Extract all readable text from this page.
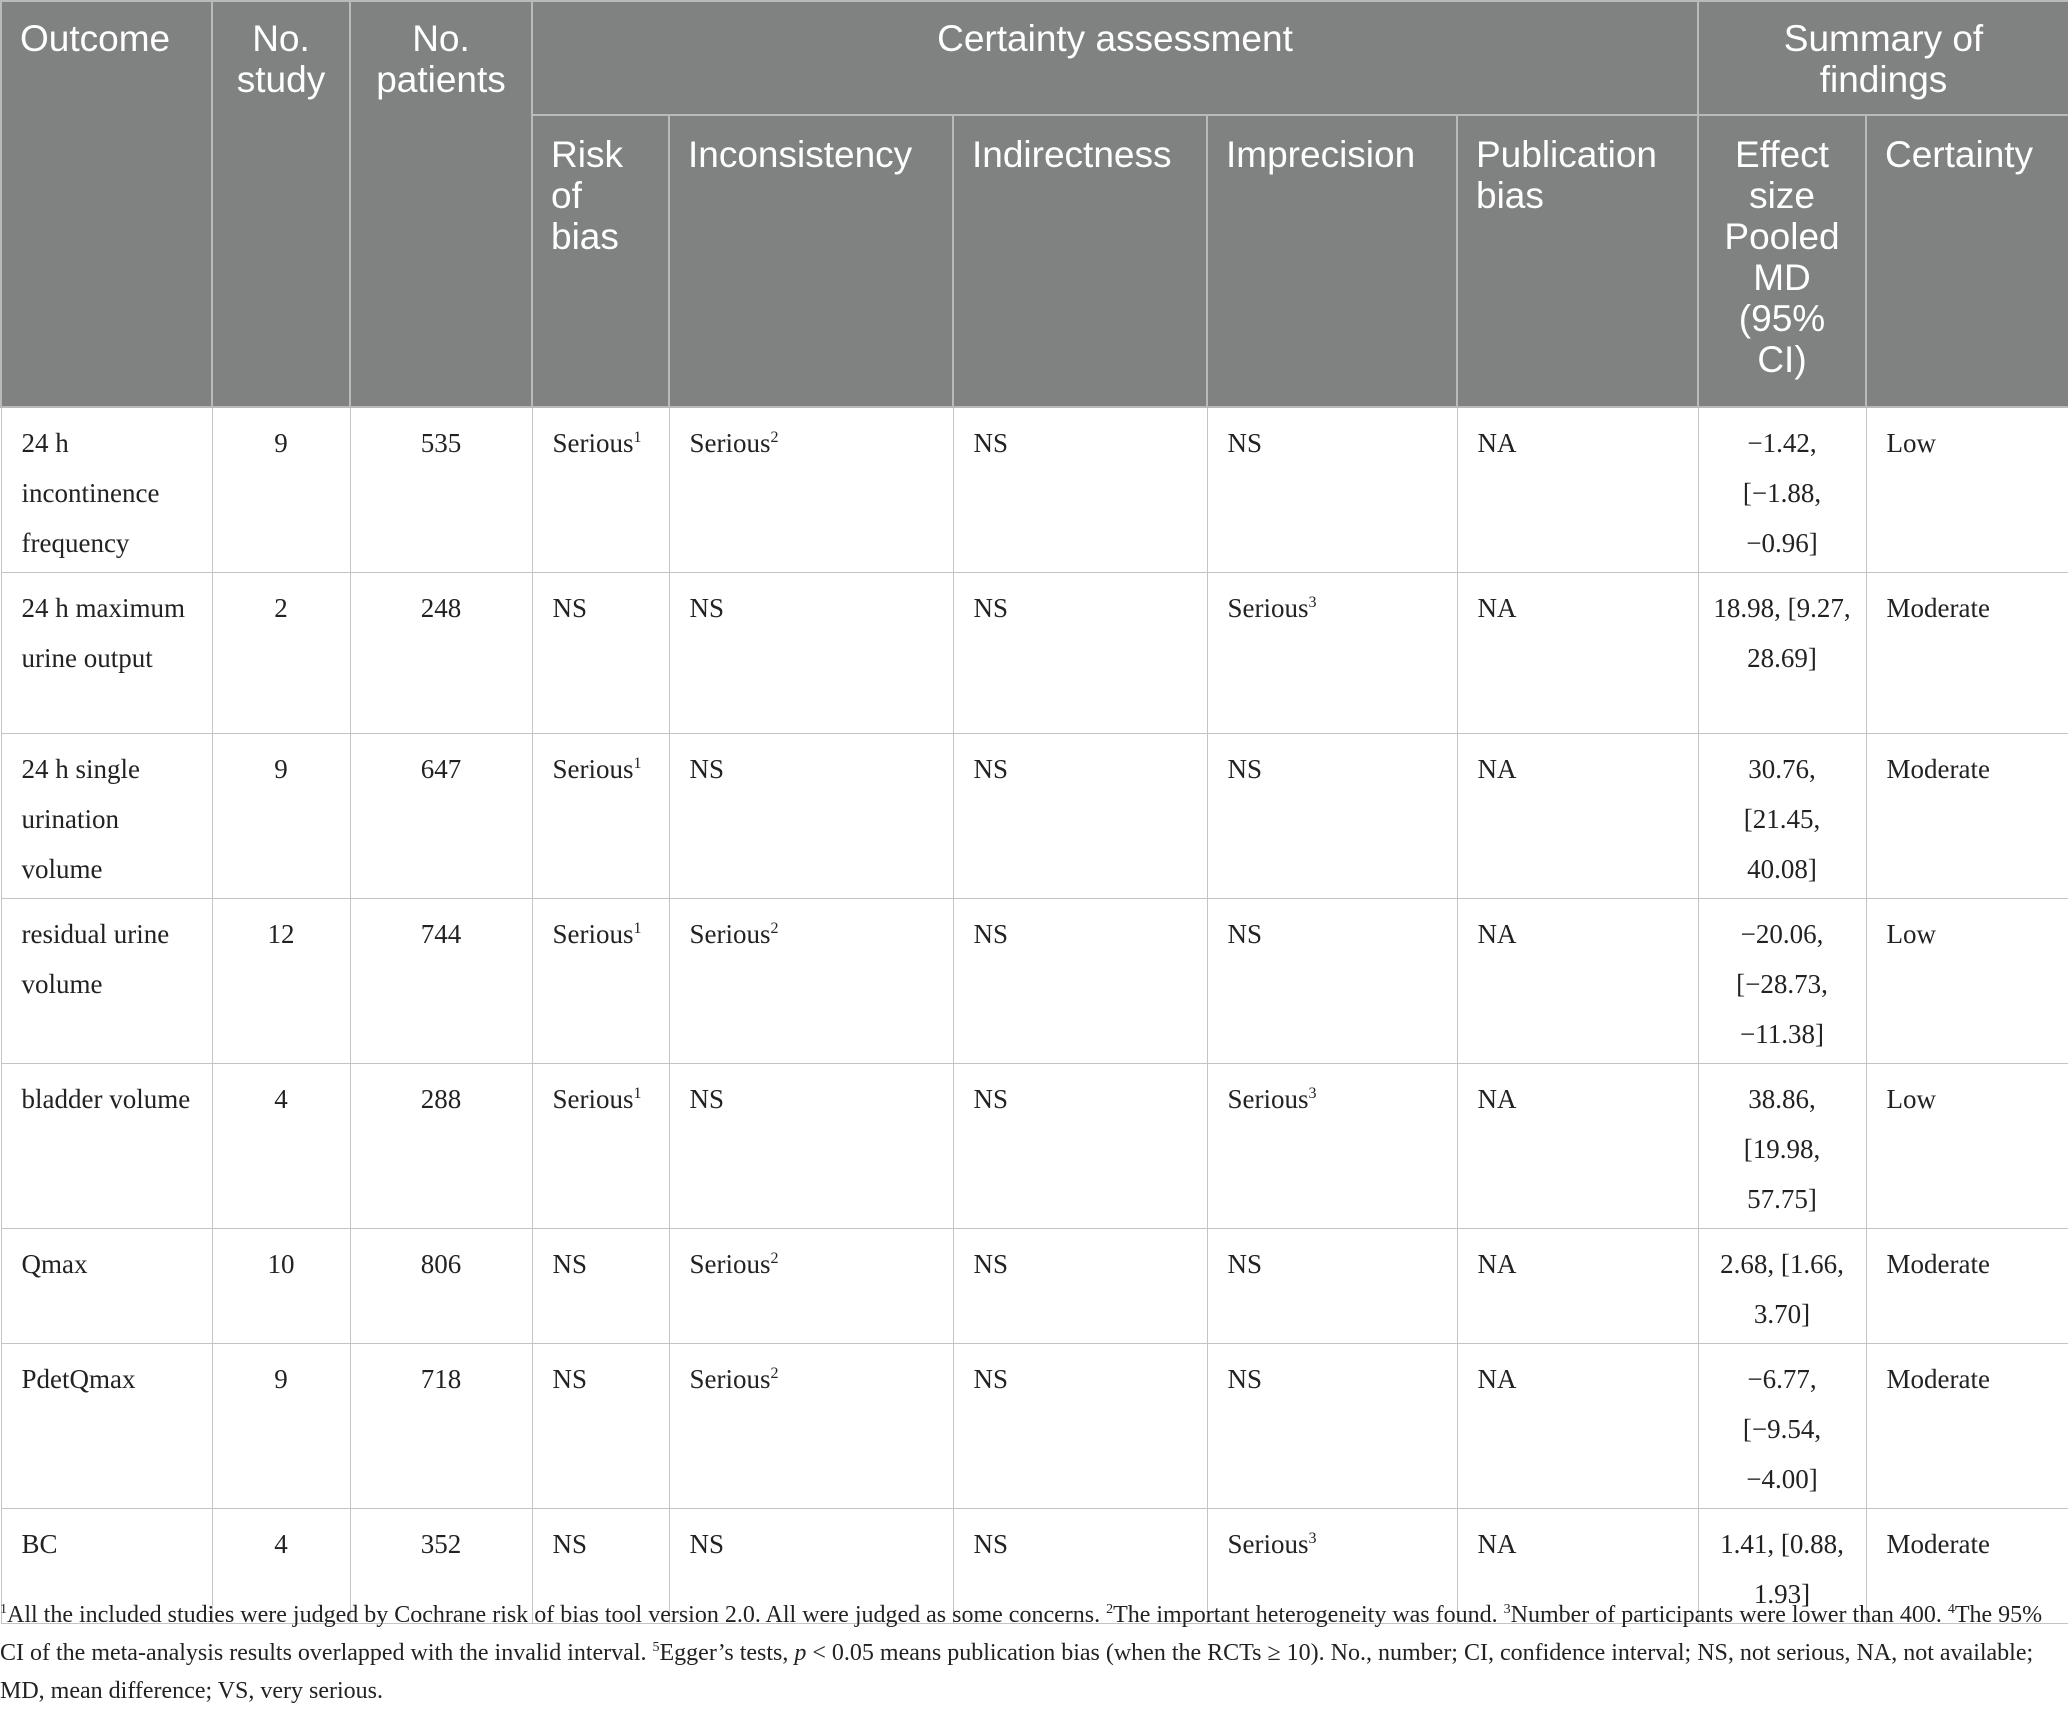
Outcome	No. study	No. patients	Certainty assessment					Summary of findings	
			Risk of bias	Inconsistency	Indirectness	Imprecision	Publication bias	Effect size Pooled MD (95% CI)	Certainty
24 h incontinence frequency	9	535	Serious$^1$	Serious$^2$	NS	NS	NA	−1.42, [−1.88, −0.96]	Low
24 h maximum urine output	2	248	NS	NS	NS	Serious$^3$	NA	18.98, [9.27, 28.69]	Moderate
24 h single urination volume	9	647	Serious$^1$	NS	NS	NS	NA	30.76, [21.45, 40.08]	Moderate
residual urine volume	12	744	Serious$^1$	Serious$^2$	NS	NS	NA	−20.06, [−28.73, −11.38]	Low
bladder volume	4	288	Serious$^1$	NS	NS	Serious$^3$	NA	38.86, [19.98, 57.75]	Low
Qmax	10	806	NS	Serious$^2$	NS	NS	NA	2.68, [1.66, 3.70]	Moderate
PdetQmax	9	718	NS	Serious$^2$	NS	NS	NA	−6.77, [−9.54, −4.00]	Moderate
BC	4	352	NS	NS	NS	Serious$^3$	NA	1.41, [0.88, 1.93]	Moderate
$^1$All the included studies were judged by Cochrane risk of bias tool version 2.0. All were judged as some concerns. $^2$The important heterogeneity was found. $^3$Number of participants were lower than 400. $^4$The 95% CI of the meta-analysis results overlapped with the invalid interval. $^5$Egger’s tests, p < 0.05 means publication bias (when the RCTs ≥ 10). No., number; CI, confidence interval; NS, not serious, NA, not available; MD, mean difference; VS, very serious.
